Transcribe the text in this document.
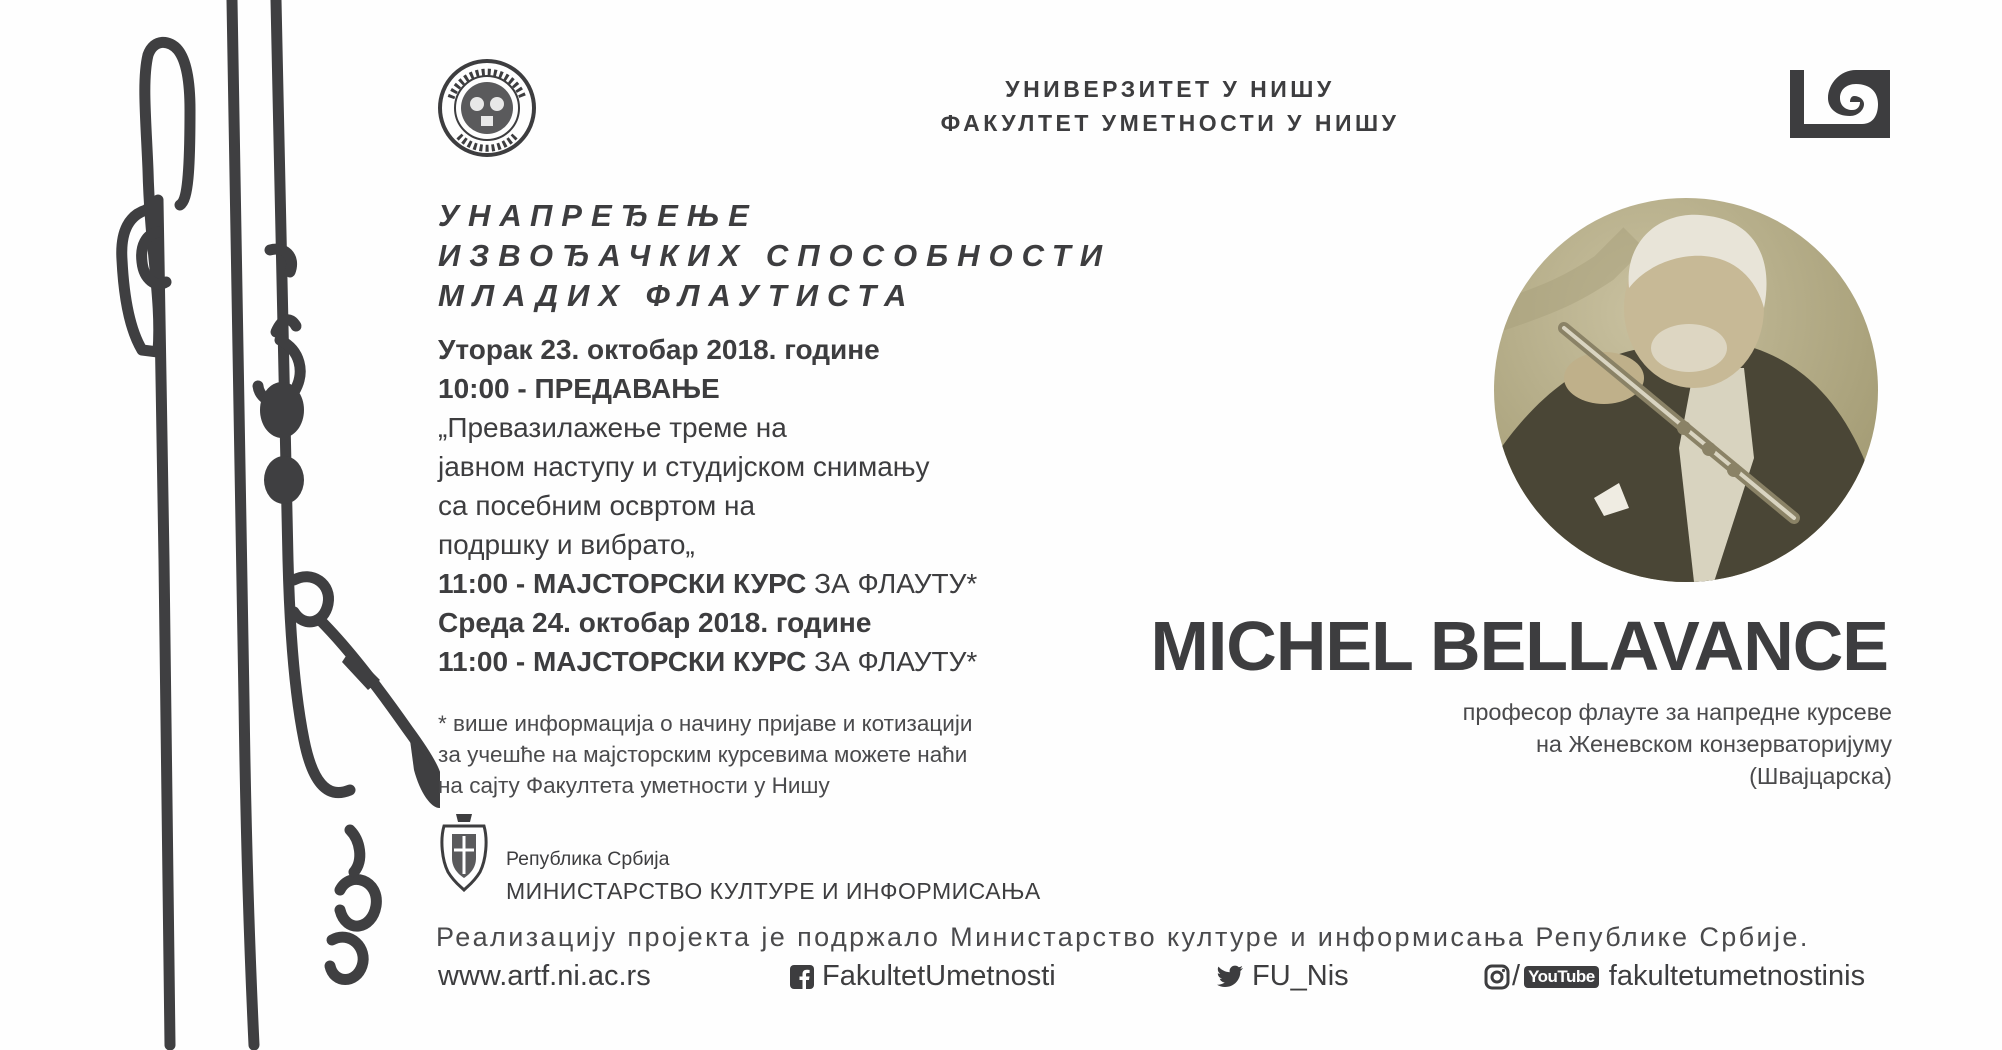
УНИВЕРЗИТЕТ У НИШУ
ФАКУЛТЕТ УМЕТНОСТИ У НИШУ
УНАПРЕЂЕЊЕ
ИЗВОЂАЧКИХ СПОСОБНОСТИ
МЛАДИХ ФЛАУТИСТА
Уторак 23. октобар 2018. године
10:00 - ПРЕДАВАЊЕ
„Превазилажење треме на
јавном наступу и студијском снимању
са посебним освртом на
подршку и вибрато„
11:00 - МАЈСТОРСКИ КУРС ЗА ФЛАУТУ*
Среда 24. октобар 2018. године
11:00 - МАЈСТОРСКИ КУРС ЗА ФЛАУТУ*
* више информација о начину пријаве и котизацији
за учешће на мајсторским курсевима можете наћи
на сајту Факултета уметности у Нишу
Република Србија
МИНИСТАРСТВО КУЛТУРЕ И ИНФОРМИСАЊА
Реализацију пројекта је подржало Министарство културе и информисања Републике Србије.
www.artf.ni.ac.rs	FakultetUmetnosti	FU_Nis	/ YouTube fakultetumetnostinis
MICHEL BELLAVANCE
професор флауте за напредне курсеве
на Женевском конзерваторијуму
(Швајцарска)
